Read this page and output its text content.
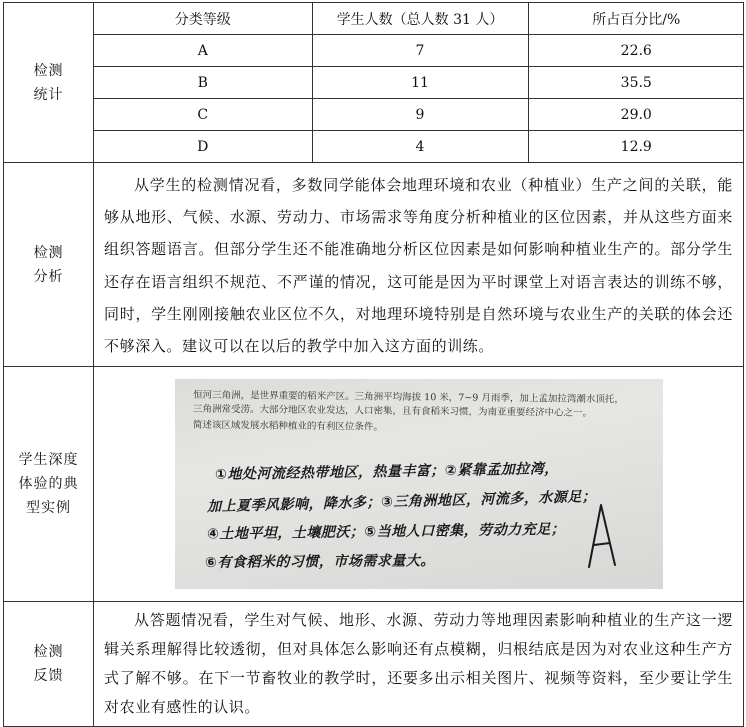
检测
统计

分类等级	学生人数（总人数 31 人）	所占百分比/%
A	7	22.6
B	11	35.5
C	9	29.0
D	4	12.9

检测
分析

从学生的检测情况看，多数同学能体会地理环境和农业（种植业）生产之间的关联，能够从地形、气候、水源、劳动力、市场需求等角度分析种植业的区位因素，并从这些方面来组织答题语言。但部分学生还不能准确地分析区位因素是如何影响种植业生产的。部分学生还存在语言组织不规范、不严谨的情况，这可能是因为平时课堂上对语言表达的训练不够，同时，学生刚刚接触农业区位不久，对地理环境特别是自然环境与农业生产的关联的体会还不够深入。建议可以在以后的教学中加入这方面的训练。

学生深度
体验的典
型实例

恒河三角洲，是世界重要的稻米产区。三角洲平均海拔 10 米，7~9 月雨季，加上孟加拉湾潮水顶托，三角洲常受涝。大部分地区农业发达，人口密集，且有食稻米习惯，为南亚重要经济中心之一。
简述该区域发展水稻种植业的有利区位条件。
①地处河流经热带地区，热量丰富；②紧靠孟加拉湾，
加上夏季风影响，降水多；③三角洲地区，河流多，水源足；
④土地平坦，土壤肥沃；⑤当地人口密集，劳动力充足；
⑥有食稻米的习惯，市场需求量大。

检测
反馈

从答题情况看，学生对气候、地形、水源、劳动力等地理因素影响种植业的生产这一逻辑关系理解得比较透彻，但对具体怎么影响还有点模糊，归根结底是因为对农业这种生产方式了解不够。在下一节畜牧业的教学时，还要多出示相关图片、视频等资料，至少要让学生对农业有感性的认识。
